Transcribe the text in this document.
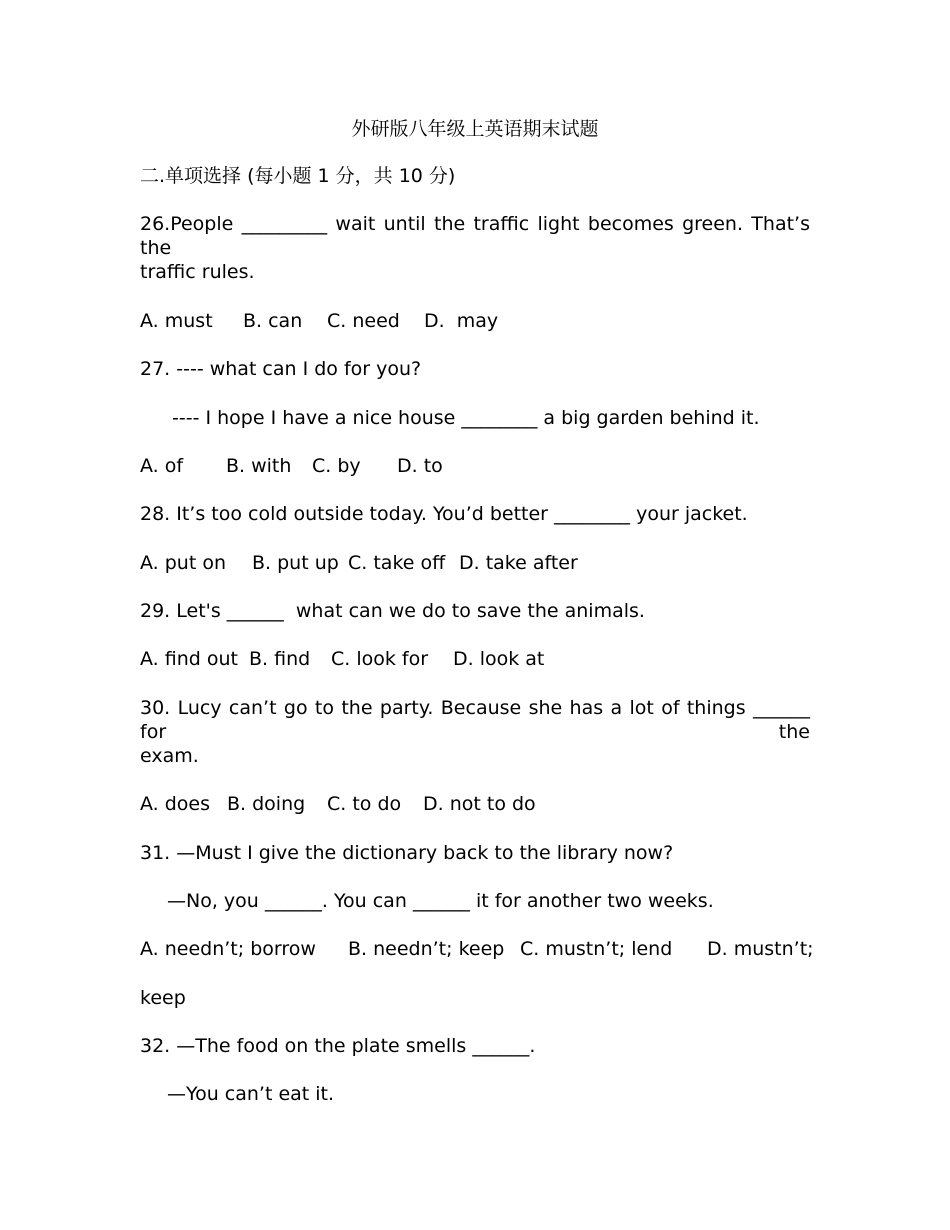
外研版八年级上英语期末试题
二.单项选择 (每小题 1 分，共 10 分)
26.People _________ wait until the traffic light becomes green. That’s the
traffic rules.

A. must

B. can

C. need

D.  may

27. ---- what can I do for you?
---- I hope I have a nice house ________ a big garden behind it.

A. of

B. with

C. by

D. to

28. It’s too cold outside today. You’d better ________ your jacket.

A. put on

B. put up

C. take off

D. take after

29. Let's ______  what can we do to save the animals.

A. find out

B. find

C. look for

D. look at

30. Lucy can’t go to the party. Because she has a lot of things ______ for the
exam.

A. does

B. doing

C. to do

D. not to do

31. —Must I give the dictionary back to the library now?
—No, you ______. You can ______ it for another two weeks.

A. needn’t; borrow

B. needn’t; keep

C. mustn’t; lend

D. mustn’t;

keep
32. —The food on the plate smells ______.
—You can’t eat it.
